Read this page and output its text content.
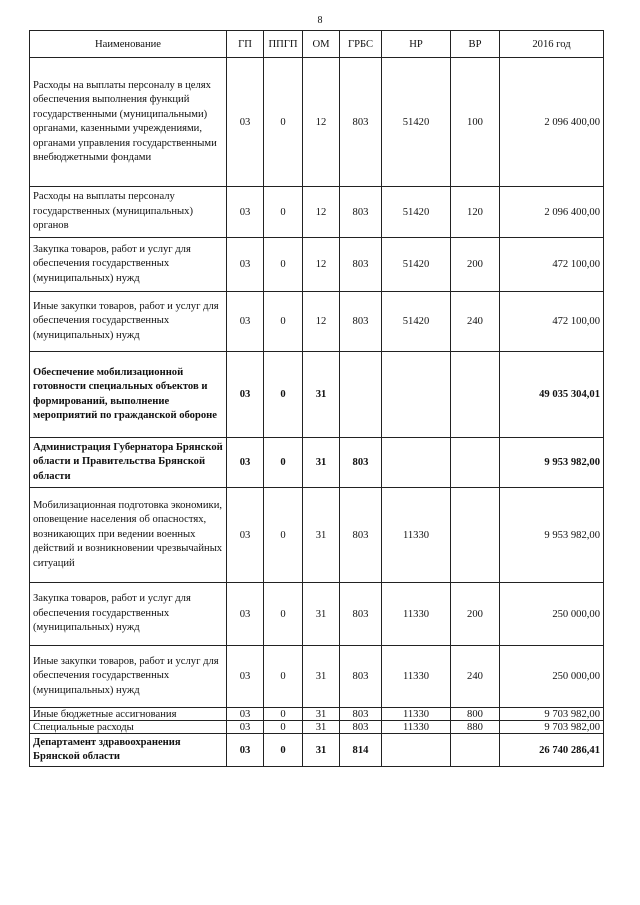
8
Наименование	ГП	ППГП	ОМ	ГРБС	НР	ВР	2016 год
Расходы на выплаты персоналу в целях обеспечения выполнения функций государственными (муниципальными) органами, казенными учреждениями, органами управления государственными внебюджетными фондами	03	0	12	803	51420	100	2 096 400,00
Расходы на выплаты персоналу государственных (муниципальных) органов	03	0	12	803	51420	120	2 096 400,00
Закупка товаров, работ и услуг для обеспечения государственных (муниципальных) нужд	03	0	12	803	51420	200	472 100,00
Иные закупки товаров, работ и услуг для обеспечения государственных (муниципальных) нужд	03	0	12	803	51420	240	472 100,00
Обеспечение мобилизационной готовности специальных объектов и формирований, выполнение мероприятий по гражданской обороне	03	0	31				49 035 304,01
Администрация Губернатора Брянской области и Правительства Брянской области	03	0	31	803			9 953 982,00
Мобилизационная подготовка экономики, оповещение населения об опасностях, возникающих при ведении военных действий и возникновении чрезвычайных ситуаций	03	0	31	803	11330		9 953 982,00
Закупка товаров, работ и услуг для обеспечения государственных (муниципальных) нужд	03	0	31	803	11330	200	250 000,00
Иные закупки товаров, работ и услуг для обеспечения государственных (муниципальных) нужд	03	0	31	803	11330	240	250 000,00
Иные бюджетные ассигнования	03	0	31	803	11330	800	9 703 982,00
Специальные расходы	03	0	31	803	11330	880	9 703 982,00
Департамент здравоохранения Брянской области	03	0	31	814			26 740 286,41
